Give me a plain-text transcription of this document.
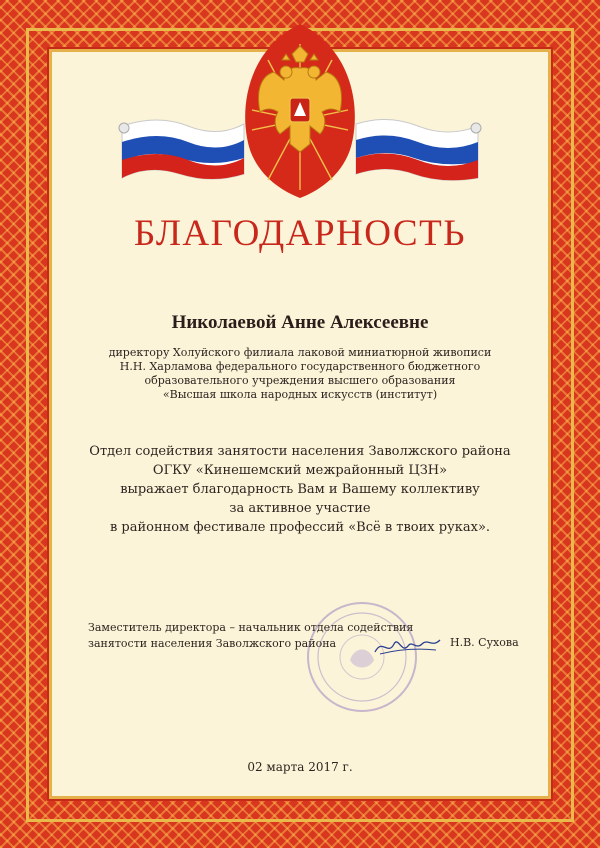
БЛАГОДАРНОСТЬ
Николаевой Анне Алексеевне
директору Холуйского филиала лаковой миниатюрной живописи
Н.Н. Харламова федерального государственного бюджетного
образовательного учреждения высшего образования
«Высшая школа народных искусств (институт)
Отдел содействия занятости населения Заволжского района
ОГКУ «Кинешемский межрайонный ЦЗН»
выражает благодарность Вам и Вашему коллективу
за активное участие
в районном фестивале профессий «Всё в твоих руках».
Заместитель директора – начальник отдела содействия
занятости населения Заволжского района	Н.В. Сухова
02 марта 2017 г.
